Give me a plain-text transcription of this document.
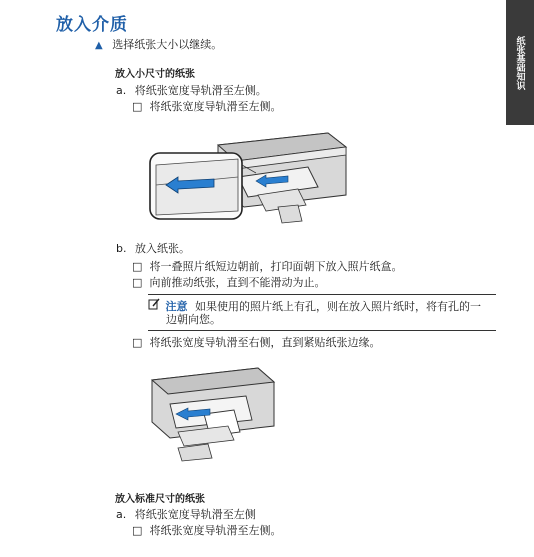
纸张基础知识
放入介质
▲ 选择纸张大小以继续。
放入小尺寸的纸张
a. 将纸张宽度导轨滑至左侧。
□ 将纸张宽度导轨滑至左侧。
b. 放入纸张。
□ 将一叠照片纸短边朝前，打印面朝下放入照片纸盒。
□ 向前推动纸张，直到不能滑动为止。
注意 如果使用的照片纸上有孔，则在放入照片纸时，将有孔的一
边朝向您。
□ 将纸张宽度导轨滑至右侧，直到紧贴纸张边缘。
放入标准尺寸的纸张
a. 将纸张宽度导轨滑至左侧
□ 将纸张宽度导轨滑至左侧。
